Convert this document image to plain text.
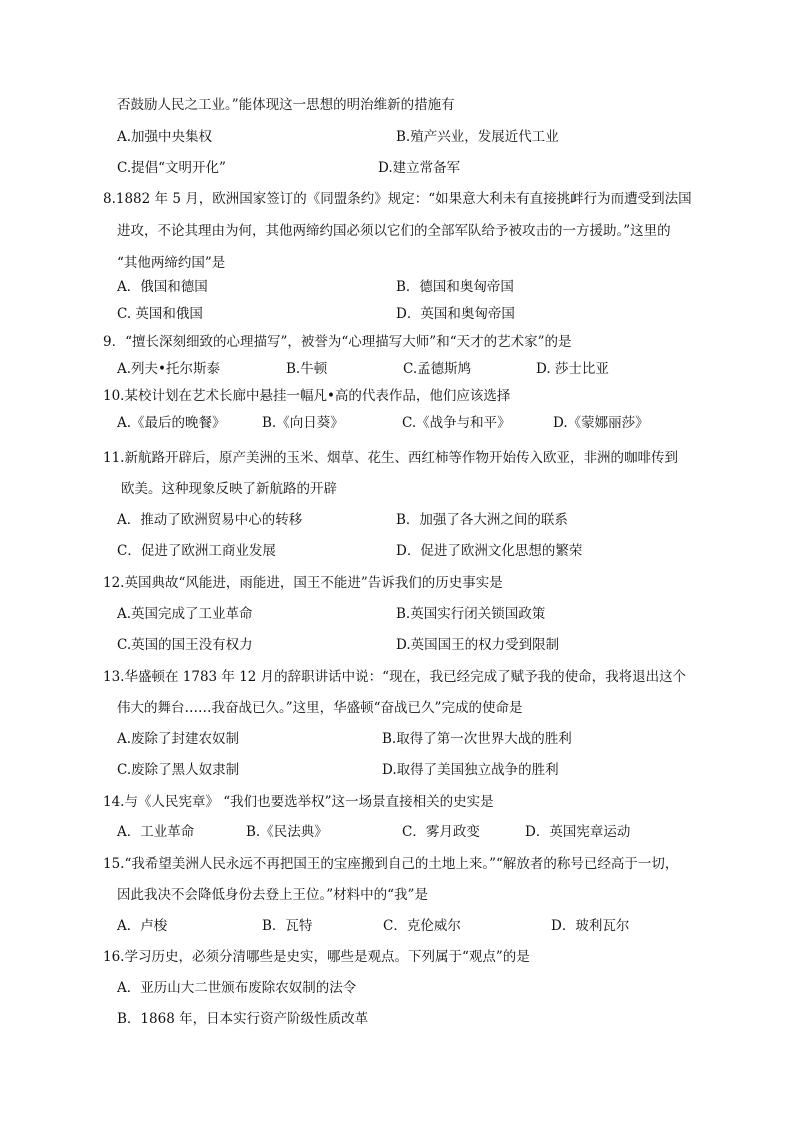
否鼓励人民之工业。”能体现这一思想的明治维新的措施有
A.加强中央集权	B.殖产兴业，发展近代工业
C.提倡“文明开化”	D.建立常备军
8.1882 年 5 月，欧洲国家签订的《同盟条约》规定：“如果意大利未有直接挑衅行为而遭受到法国
进攻，不论其理由为何，其他两缔约国必须以它们的全部军队给予被攻击的一方援助。”这里的
“其他两缔约国”是
A．俄国和德国	B．德国和奥匈帝国
C. 英国和俄国	D．英国和奥匈帝国
9．“擅长深刻细致的心理描写”，被誉为“心理描写大师”和“天才的艺术家”的是
A.列夫•托尔斯泰	B.牛顿	C.孟德斯鸠	D. 莎士比亚
10.某校计划在艺术长廊中悬挂一幅凡•高的代表作品，他们应该选择
A.《最后的晚餐》	B.《向日葵》	C.《战争与和平》	D.《蒙娜丽莎》
11.新航路开辟后，原产美洲的玉米、烟草、花生、西红柿等作物开始传入欧亚，非洲的咖啡传到
欧美。这种现象反映了新航路的开辟
A．推动了欧洲贸易中心的转移	B．加强了各大洲之间的联系
C．促进了欧洲工商业发展	D．促进了欧洲文化思想的繁荣
12.英国典故“风能进，雨能进，国王不能进”告诉我们的历史事实是
A.英国完成了工业革命	B.英国实行闭关锁国政策
C.英国的国王没有权力	D.英国国王的权力受到限制
13.华盛顿在 1783 年 12 月的辞职讲话中说：“现在，我已经完成了赋予我的使命，我将退出这个
伟大的舞台……我奋战已久。”这里，华盛顿“奋战已久”完成的使命是
A.废除了封建农奴制	B.取得了第一次世界大战的胜利
C.废除了黑人奴隶制	D.取得了美国独立战争的胜利
14.与《人民宪章》 “我们也要选举权”这一场景直接相关的史实是
A．工业革命	B.《民法典》	C．雾月政变	D．英国宪章运动
15.“我希望美洲人民永远不再把国王的宝座搬到自己的土地上来。”“解放者的称号已经高于一切，
因此我决不会降低身份去登上王位。”材料中的“我”是
A．卢梭	B．瓦特	C．克伦威尔	D．玻利瓦尔
16.学习历史，必须分清哪些是史实，哪些是观点。下列属于“观点”的是
A．亚历山大二世颁布废除农奴制的法令
B．1868 年，日本实行资产阶级性质改革
